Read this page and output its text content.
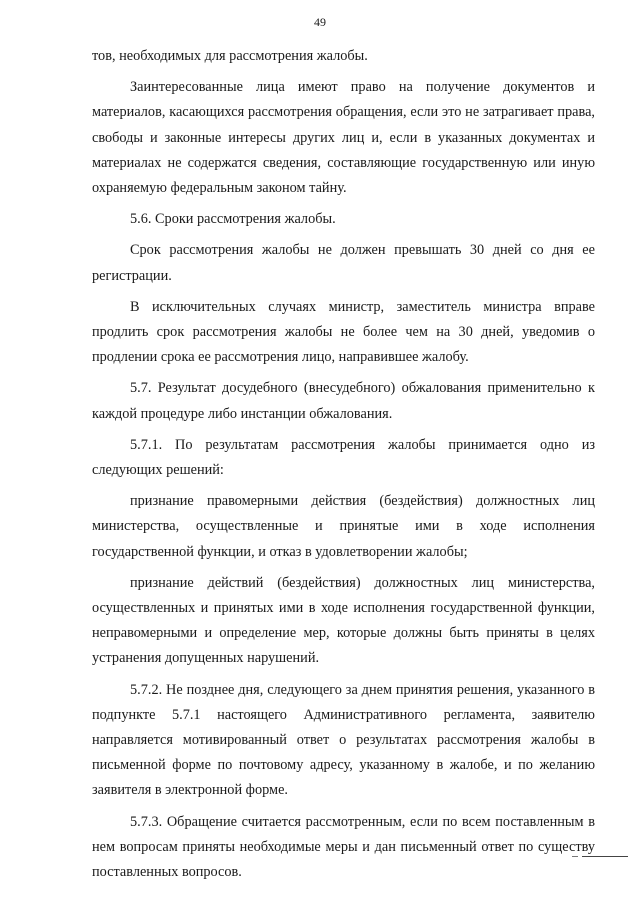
49

тов, необходимых для рассмотрения жалобы.

Заинтересованные лица имеют право на получение документов и материалов, касающихся рассмотрения обращения, если это не затрагивает права, свободы и законные интересы других лиц и, если в указанных документах и материалах не содержатся сведения, составляющие государственную или иную охраняемую федеральным законом тайну.

5.6. Сроки рассмотрения жалобы.

Срок рассмотрения жалобы не должен превышать 30 дней со дня ее регистрации.

В исключительных случаях министр, заместитель министра вправе продлить срок рассмотрения жалобы не более чем на 30 дней, уведомив о продлении срока ее рассмотрения лицо, направившее жалобу.

5.7. Результат досудебного (внесудебного) обжалования применительно к каждой процедуре либо инстанции обжалования.

5.7.1. По результатам рассмотрения жалобы принимается одно из следующих решений:

признание правомерными действия (бездействия) должностных лиц министерства, осуществленные и принятые ими в ходе исполнения государственной функции, и отказ в удовлетворении жалобы;

признание действий (бездействия) должностных лиц министерства, осуществленных и принятых ими в ходе исполнения государственной функции, неправомерными и определение мер, которые должны быть приняты в целях устранения допущенных нарушений.

5.7.2. Не позднее дня, следующего за днем принятия решения, указанного в подпункте 5.7.1 настоящего Административного регламента, заявителю направляется мотивированный ответ о результатах рассмотрения жалобы в письменной форме по почтовому адресу, указанному в жалобе, и по желанию заявителя в электронной форме.

5.7.3. Обращение считается рассмотренным, если по всем поставленным в нем вопросам приняты необходимые меры и дан письменный ответ по существу поставленных вопросов.
